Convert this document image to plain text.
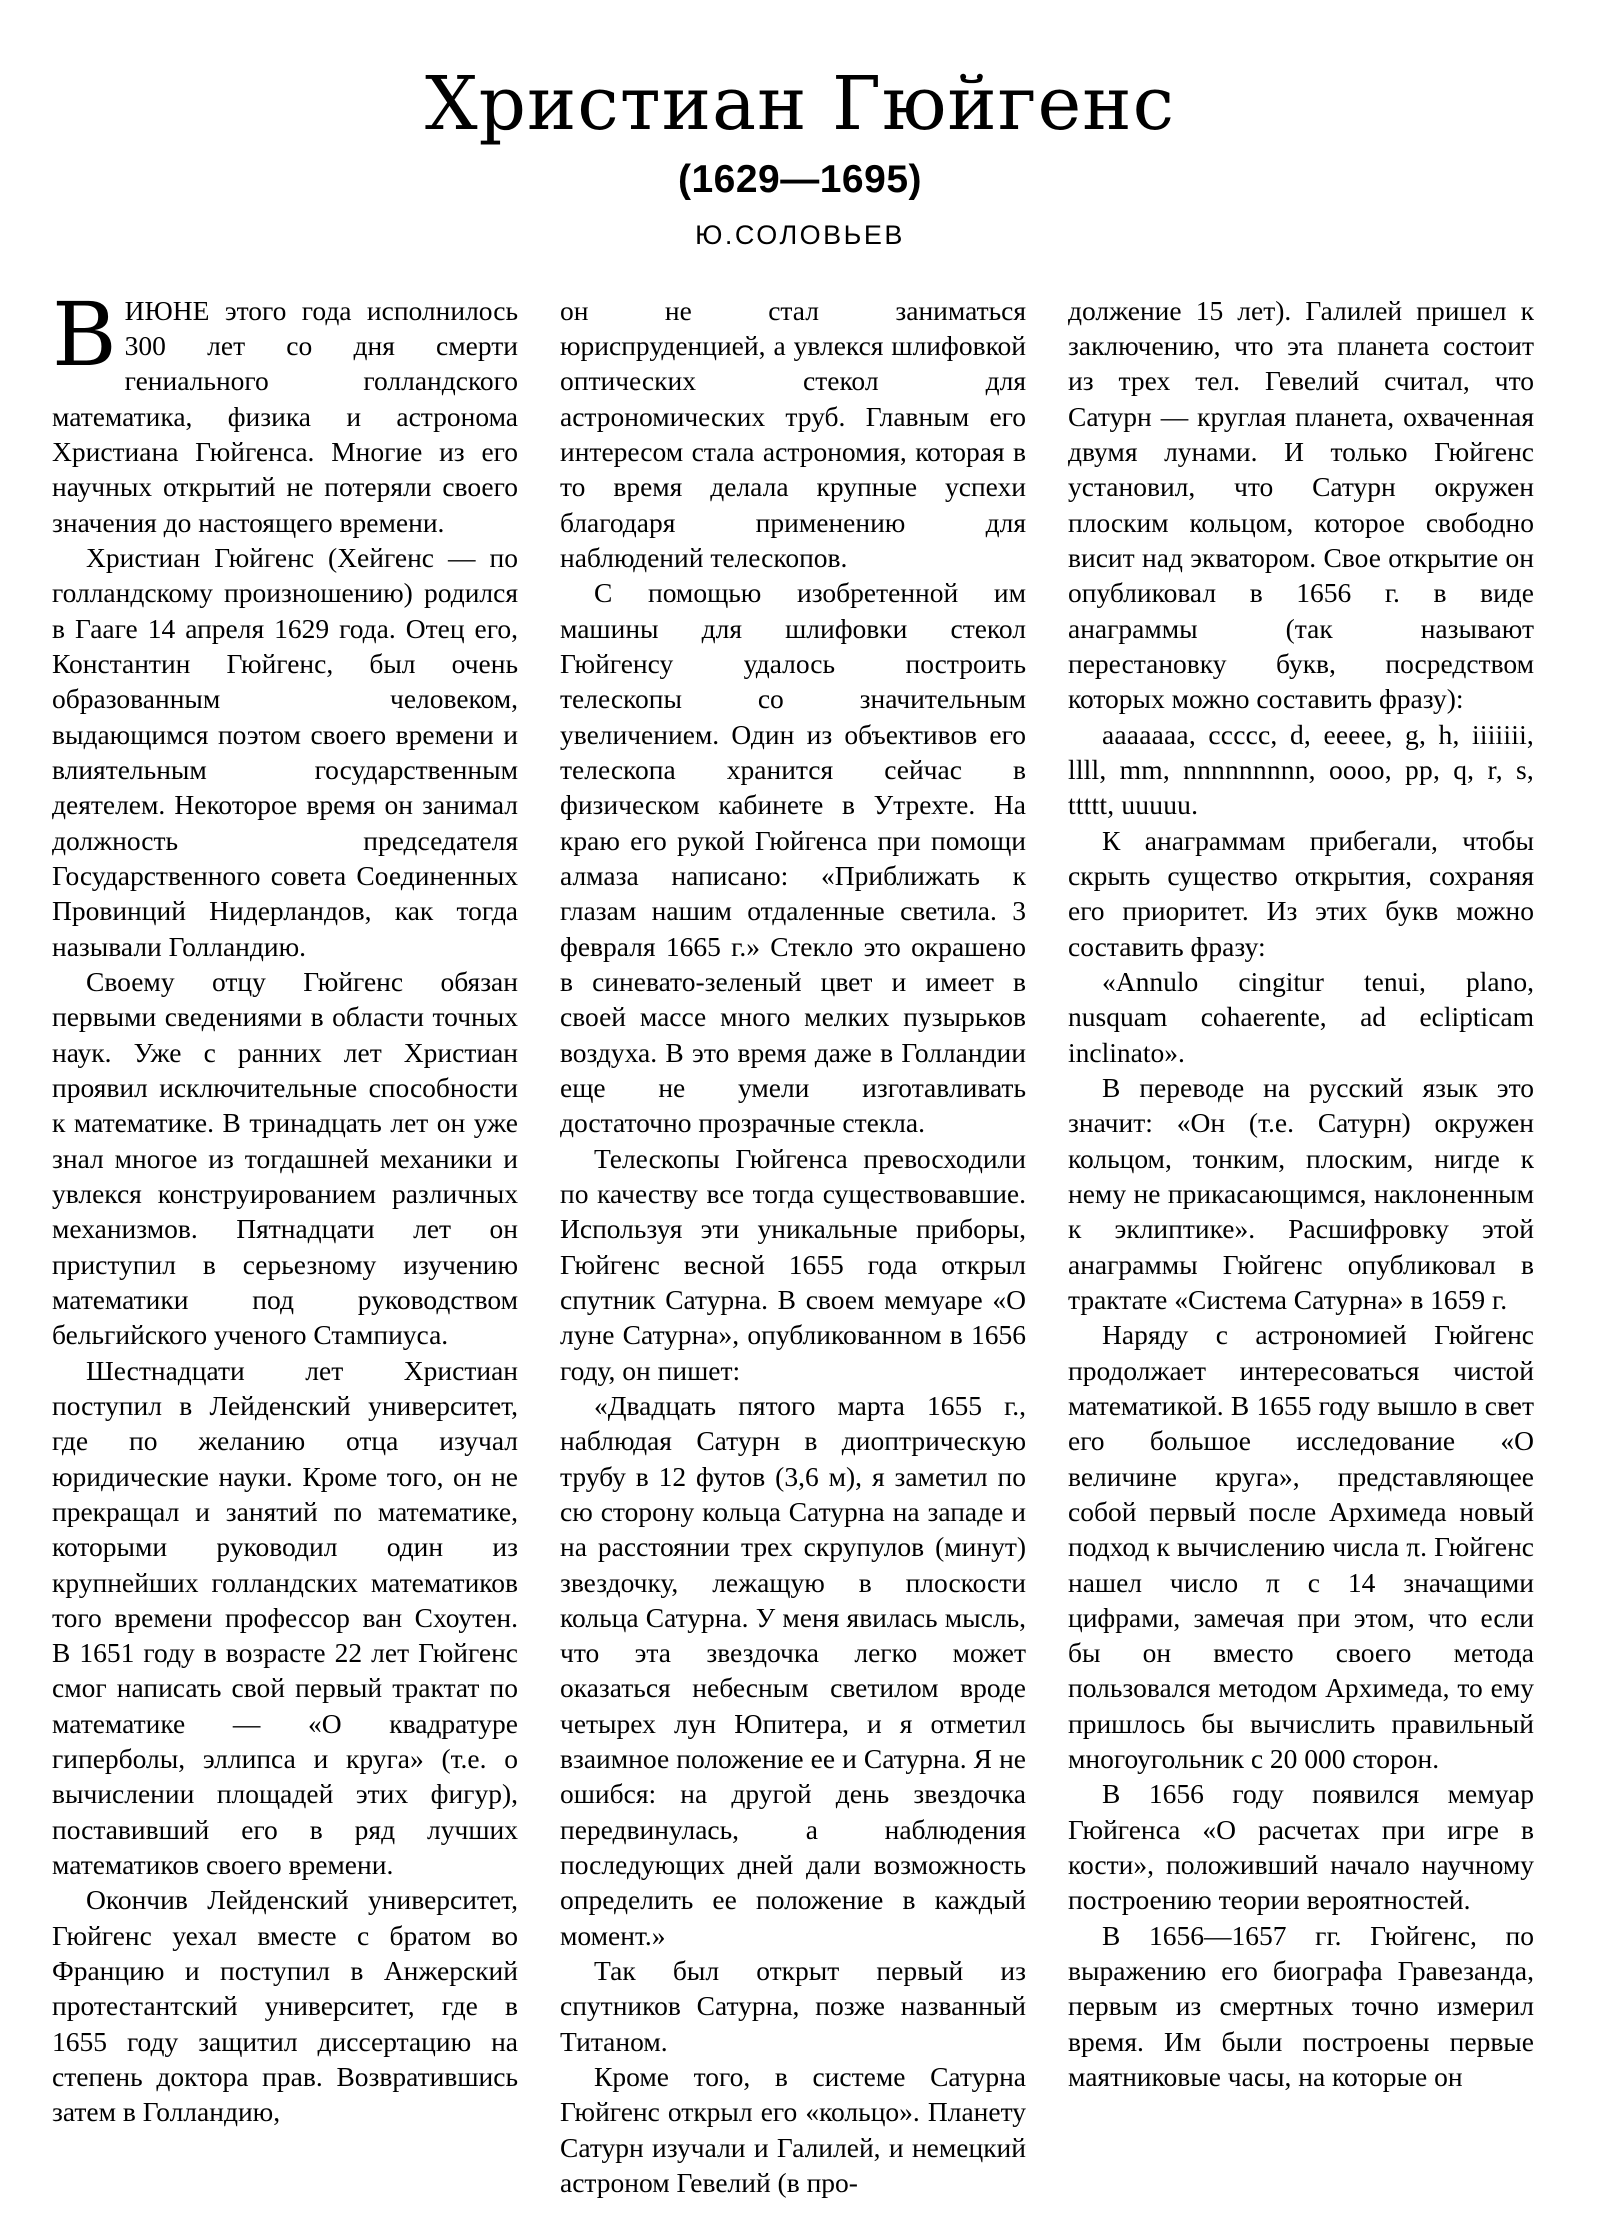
Христиан Гюйгенс
(1629—1695)
Ю.СОЛОВЬЕВ

В ИЮНЕ этого года исполнилось 300 лет со дня смерти гениального голландского математика, физика и астронома Христиана Гюйгенса. Многие из его научных открытий не потеряли своего значения до настоящего времени.

Христиан Гюйгенс (Хейгенс — по голландскому произношению) родился в Гааге 14 апреля 1629 года. Отец его, Константин Гюйгенс, был очень образованным человеком, выдающимся поэтом своего времени и влиятельным государственным деятелем. Некоторое время он занимал должность председателя Государственного совета Соединенных Провинций Нидерландов, как тогда называли Голландию.

Своему отцу Гюйгенс обязан первыми сведениями в области точных наук. Уже с ранних лет Христиан проявил исключительные способности к математике. В тринадцать лет он уже знал многое из тогдашней механики и увлекся конструированием различных механизмов. Пятнадцати лет он приступил в серьезному изучению математики под руководством бельгийского ученого Стампиуса.

Шестнадцати лет Христиан поступил в Лейденский университет, где по желанию отца изучал юридические науки. Кроме того, он не прекращал и занятий по математике, которыми руководил один из крупнейших голландских математиков того времени профессор ван Схоутен. В 1651 году в возрасте 22 лет Гюйгенс смог написать свой первый трактат по математике — «О квадратуре гиперболы, эллипса и круга» (т.е. о вычислении площадей этих фигур), поставивший его в ряд лучших математиков своего времени.

Окончив Лейденский университет, Гюйгенс уехал вместе с братом во Францию и поступил в Анжерский протестантский университет, где в 1655 году защитил диссертацию на степень доктора прав. Возвратившись затем в Голландию,

он не стал заниматься юриспруденцией, а увлекся шлифовкой оптических стекол для астрономических труб. Главным его интересом стала астрономия, которая в то время делала крупные успехи благодаря применению для наблюдений телескопов.

С помощью изобретенной им машины для шлифовки стекол Гюйгенсу удалось построить телескопы со значительным увеличением. Один из объективов его телескопа хранится сейчас в физическом кабинете в Утрехте. На краю его рукой Гюйгенса при помощи алмаза написано: «Приближать к глазам нашим отдаленные светила. 3 февраля 1665 г.» Стекло это окрашено в синевато-зеленый цвет и имеет в своей массе много мелких пузырьков воздуха. В это время даже в Голландии еще не умели изготавливать достаточно прозрачные стекла.

Телескопы Гюйгенса превосходили по качеству все тогда существовавшие. Используя эти уникальные приборы, Гюйгенс весной 1655 года открыл спутник Сатурна. В своем мемуаре «О луне Сатурна», опубликованном в 1656 году, он пишет:

«Двадцать пятого марта 1655 г., наблюдая Сатурн в диоптрическую трубу в 12 футов (3,6 м), я заметил по сю сторону кольца Сатурна на западе и на расстоянии трех скрупулов (минут) звездочку, лежащую в плоскости кольца Сатурна. У меня явилась мысль, что эта звездочка легко может оказаться небесным светилом вроде четырех лун Юпитера, и я отметил взаимное положение ее и Сатурна. Я не ошибся: на другой день звездочка передвинулась, а наблюдения последующих дней дали возможность определить ее положение в каждый момент.»

Так был открыт первый из спутников Сатурна, позже названный Титаном.

Кроме того, в системе Сатурна Гюйгенс открыл его «кольцо». Планету Сатурн изучали и Галилей, и немецкий астроном Гевелий (в про-

должение 15 лет). Галилей пришел к заключению, что эта планета состоит из трех тел. Гевелий считал, что Сатурн — круглая планета, охваченная двумя лунами. И только Гюйгенс установил, что Сатурн окружен плоским кольцом, которое свободно висит над экватором. Свое открытие он опубликовал в 1656 г. в виде анаграммы (так называют перестановку букв, посредством которых можно составить фразу):

aaaaaaa, ccccc, d, eeeee, g, h, iiiiiii, llll, mm, nnnnnnnnn, oooo, pp, q, r, s, ttttt, uuuuu.

К анаграммам прибегали, чтобы скрыть существо открытия, сохраняя его приоритет. Из этих букв можно составить фразу:

«Annulo cingitur tenui, plano, nusquam cohaerente, ad eclipticam inclinato».

В переводе на русский язык это значит: «Он (т.е. Сатурн) окружен кольцом, тонким, плоским, нигде к нему не прикасающимся, наклоненным к эклиптике». Расшифровку этой анаграммы Гюйгенс опубликовал в трактате «Система Сатурна» в 1659 г.

Наряду с астрономией Гюйгенс продолжает интересоваться чистой математикой. В 1655 году вышло в свет его большое исследование «О величине круга», представляющее собой первый после Архимеда новый подход к вычислению числа π. Гюйгенс нашел число π с 14 значащими цифрами, замечая при этом, что если бы он вместо своего метода пользовался методом Архимеда, то ему пришлось бы вычислить правильный многоугольник с 20 000 сторон.

В 1656 году появился мемуар Гюйгенса «О расчетах при игре в кости», положивший начало научному построению теории вероятностей.

В 1656—1657 гг. Гюйгенс, по выражению его биографа Гравезанда, первым из смертных точно измерил время. Им были построены первые маятниковые часы, на которые он
